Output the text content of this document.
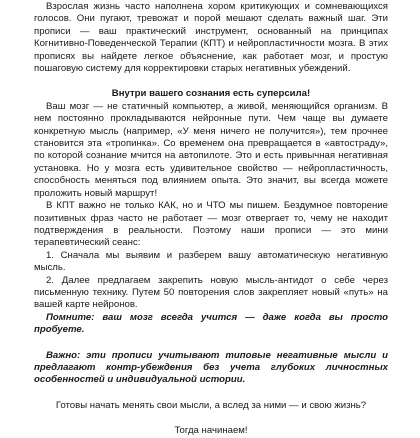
Взрослая жизнь часто наполнена хором критикующих и сомневающихся голосов. Они пугают, тревожат и порой мешают сделать важный шаг. Эти прописи — ваш практический инструмент, основанный на принципах Когнитивно-Поведенческой Терапии (КПТ) и нейропластичности мозга. В этих прописях вы найдете легкое объяснение, как работает мозг, и простую пошаговую систему для корректировки старых негативных убеждений.

Внутри вашего сознания есть суперсила!

Ваш мозг — не статичный компьютер, а живой, меняющийся организм. В нем постоянно прокладываются нейронные пути. Чем чаще вы думаете конкретную мысль (например, «У меня ничего не получится»), тем прочнее становится эта «тропинка». Со временем она превращается в «автостраду», по которой сознание мчится на автопилоте. Это и есть привычная негативная установка. Но у мозга есть удивительное свойство — нейропластичность, способность меняться под влиянием опыта. Это значит, вы всегда можете проложить новый маршрут!

В КПТ важно не только КАК, но и ЧТО мы пишем. Бездумное повторение позитивных фраз часто не работает — мозг отвергает то, чему не находит подтверждения в реальности. Поэтому наши прописи — это мини терапевтический сеанс:

1. Сначала мы выявим и разберем вашу автоматическую негативную мысль.

2. Далее предлагаем закрепить новую мысль-антидот о себе через письменную технику. Путем 50 повторения слов закрепляет новый «путь» на вашей карте нейронов.

Помните: ваш мозг всегда учится — даже когда вы просто пробуете.

Важно: эти прописи учитывают типовые негативные мысли и предлагают контр-убеждения без учета глубоких личностных особенностей и индивидуальной истории.

Готовы начать менять свои мысли, а вслед за ними — и свою жизнь?

Тогда начинаем!
